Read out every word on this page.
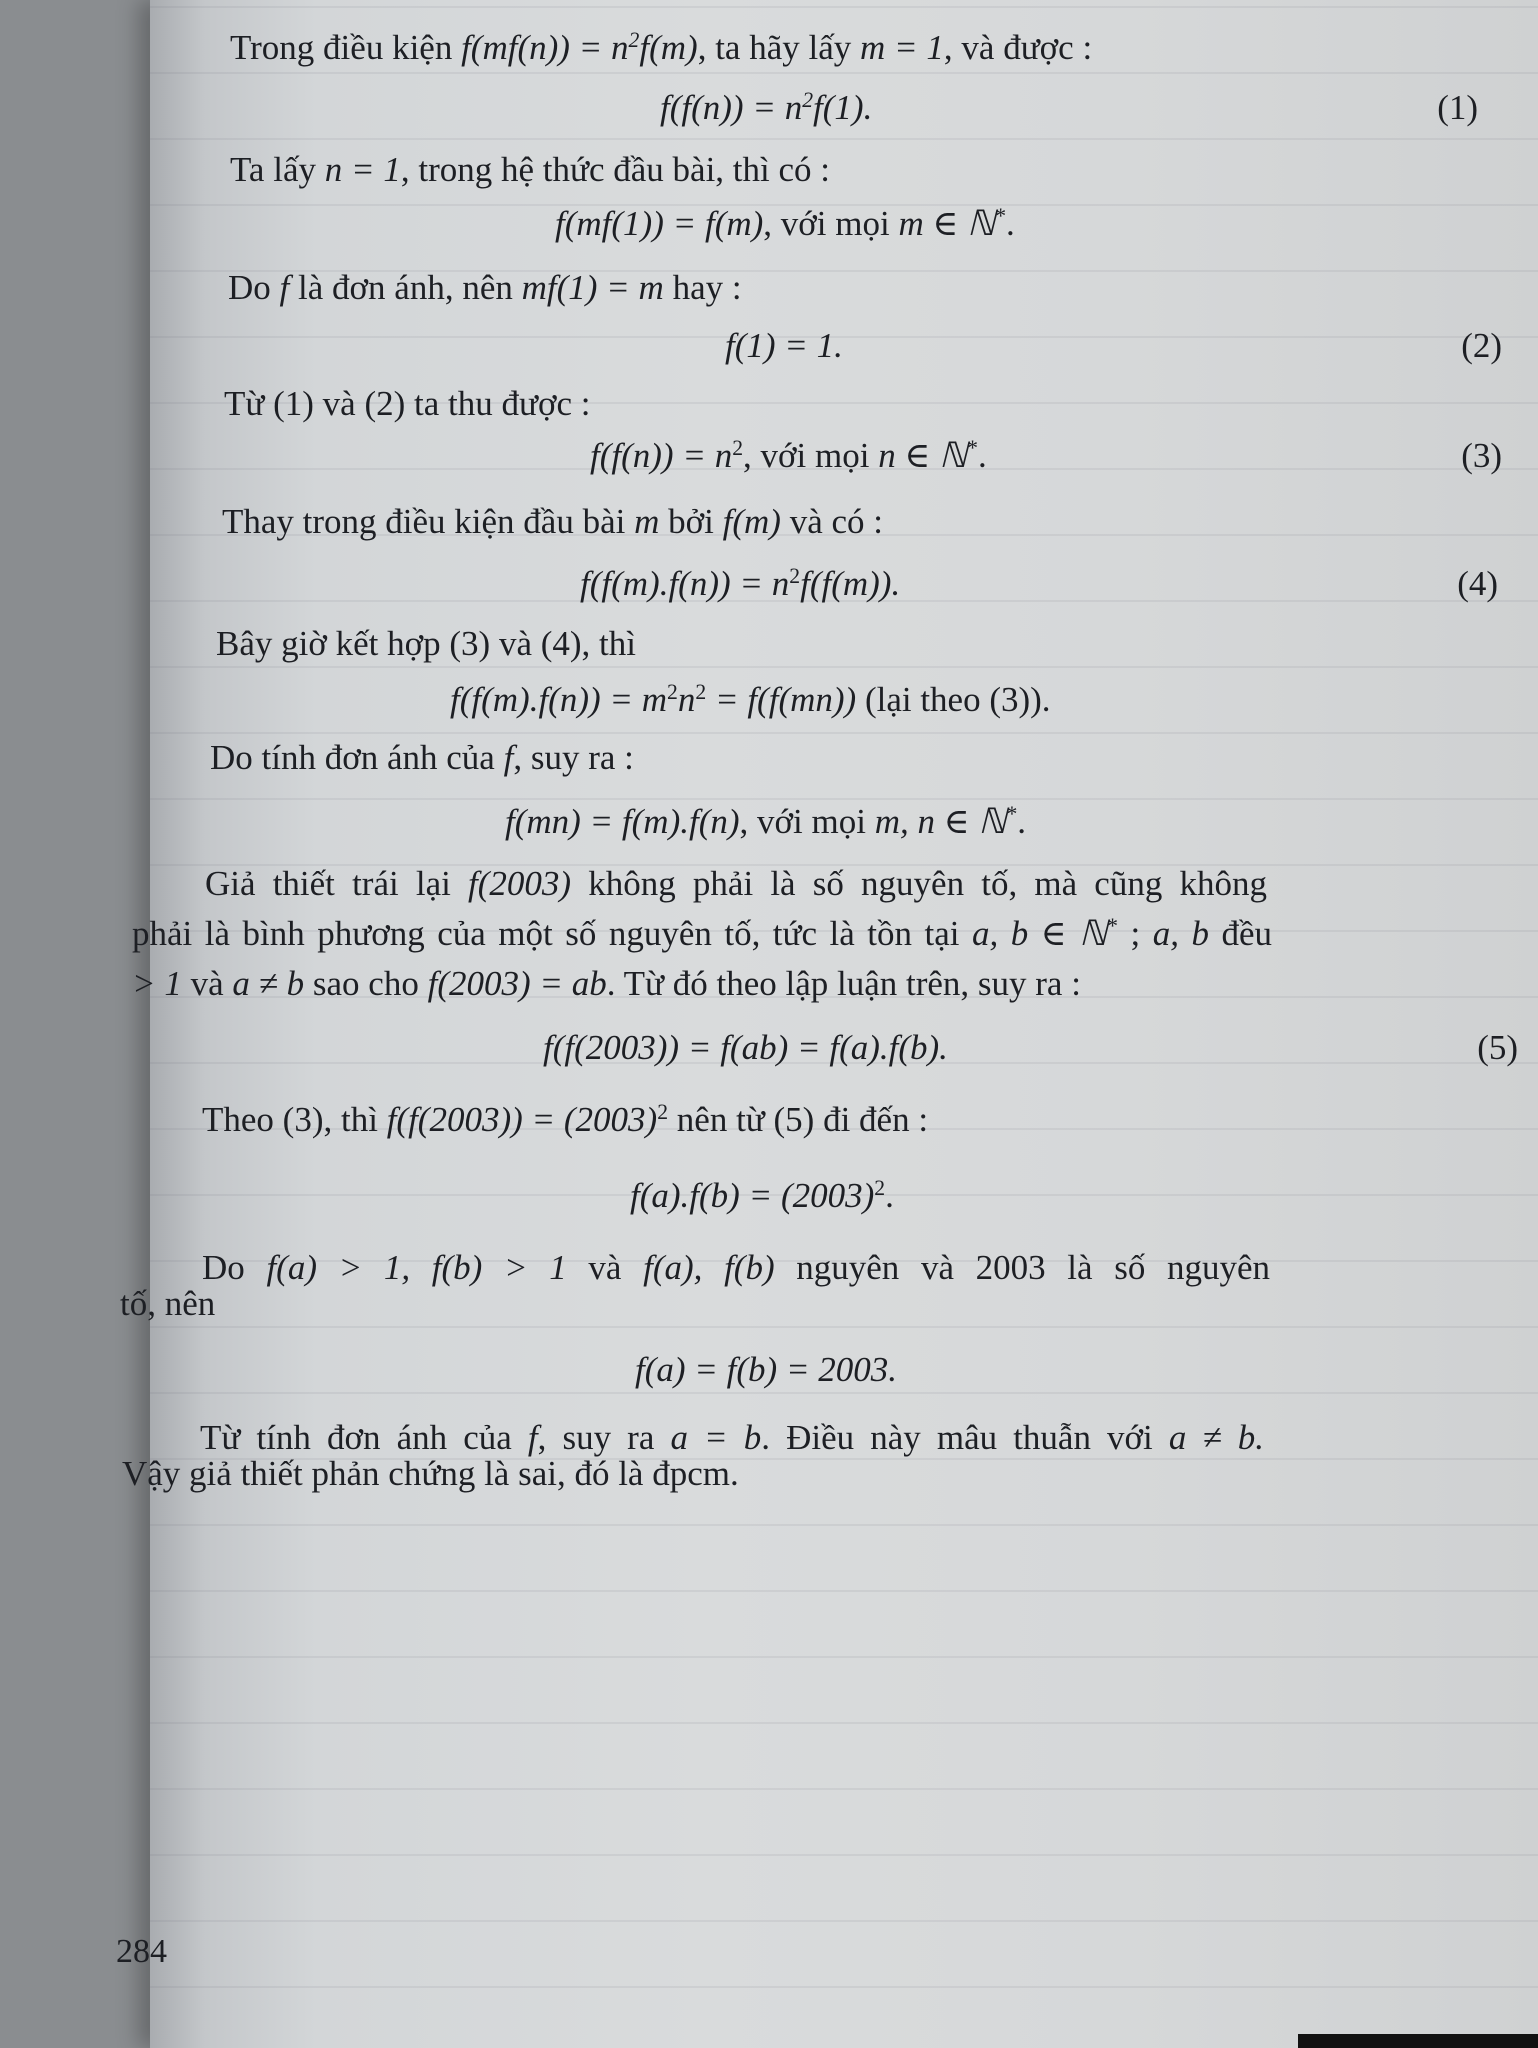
Trong điều kiện $f(mf(n)) = n^2f(m)$, ta hãy lấy m = 1, và được :
$f(f(n)) = n^2f(1)$.	(1)
Ta lấy n = 1, trong hệ thức đầu bài, thì có :
f(mf(1)) = f(m), với mọi m ∈ ℕ*.
Do f là đơn ánh, nên mf(1) = m hay :
f(1) = 1.	(2)
Từ (1) và (2) ta thu được :
$f(f(n)) = n^2$, với mọi n ∈ ℕ*.	(3)
Thay trong điều kiện đầu bài m bởi f(m) và có :
$f(f(m).f(n)) = n^2f(f(m))$.	(4)
Bây giờ kết hợp (3) và (4), thì
$f(f(m).f(n)) = m^2n^2 = f(f(mn))$ (lại theo (3)).
Do tính đơn ánh của f, suy ra :
f(mn) = f(m).f(n), với mọi m, n ∈ ℕ*.
Giả thiết trái lại f(2003) không phải là số nguyên tố, mà cũng không
phải là bình phương của một số nguyên tố, tức là tồn tại a, b ∈ ℕ* ; a, b đều
> 1 và a ≠ b sao cho f(2003) = ab. Từ đó theo lập luận trên, suy ra :
f(f(2003)) = f(ab) = f(a).f(b).	(5)
Theo (3), thì $f(f(2003)) = (2003)^2$ nên từ (5) đi đến :
$f(a).f(b) = (2003)^2$.
Do f(a) > 1, f(b) > 1 và f(a), f(b) nguyên và 2003 là số nguyên
tố, nên
f(a) = f(b) = 2003.
Từ tính đơn ánh của f, suy ra a = b. Điều này mâu thuẫn với a ≠ b.
Vậy giả thiết phản chứng là sai, đó là đpcm.
284
